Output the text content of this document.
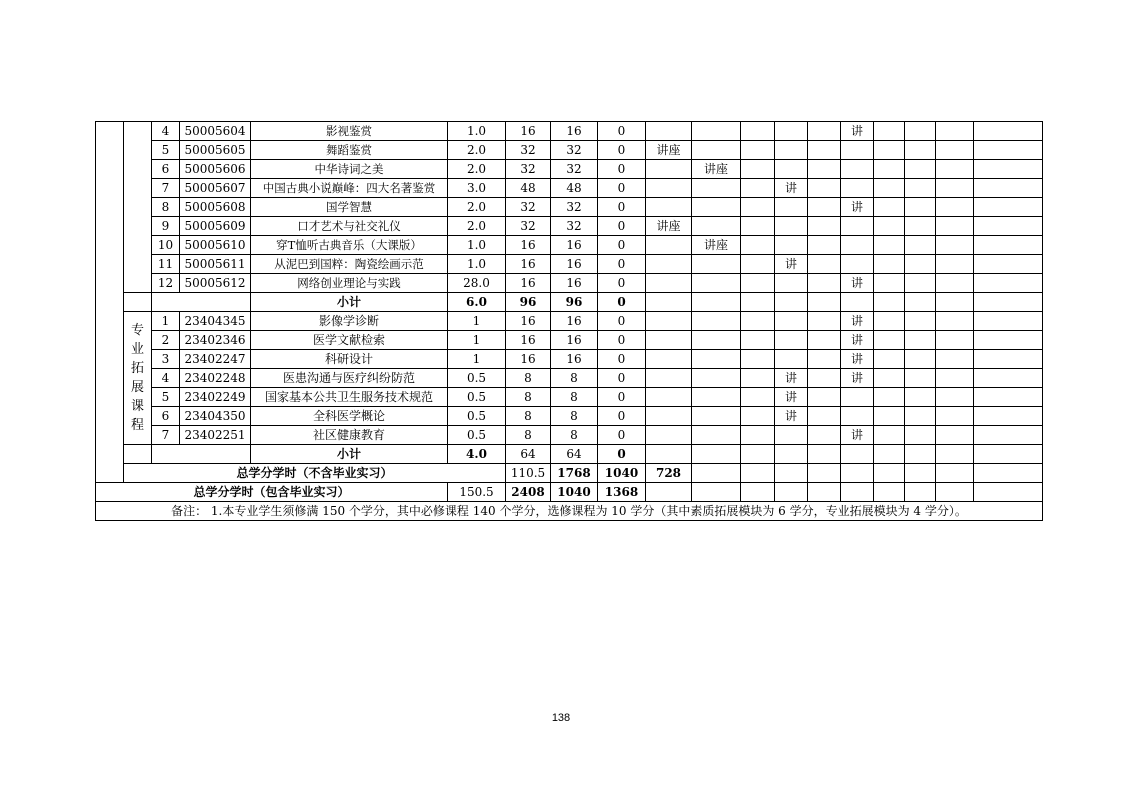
		4	50005604	影视鉴赏	1.0	16	16	0						讲					
		5	50005605	舞蹈鉴赏	2.0	32	32	0	讲座										
		6	50005606	中华诗词之美	2.0	32	32	0		讲座									
		7	50005607	中国古典小说巅峰：四大名著鉴赏	3.0	48	48	0				讲							
		8	50005608	国学智慧	2.0	32	32	0						讲					
		9	50005609	口才艺术与社交礼仪	2.0	32	32	0	讲座										
		10	50005610	穿T恤听古典音乐（大课版）	1.0	16	16	0		讲座									
		11	50005611	从泥巴到国粹：陶瓷绘画示范	1.0	16	16	0				讲							
		12	50005612	网络创业理论与实践	28.0	16	16	0						讲					
				小计	6.0	96	96	0											
	专业拓展课程	1	23404345	影像学诊断	1	16	16	0						讲					
		2	23402346	医学文献检索	1	16	16	0						讲					
		3	23402247	科研设计	1	16	16	0						讲					
		4	23402248	医患沟通与医疗纠纷防范	0.5	8	8	0				讲		讲					
		5	23402249	国家基本公共卫生服务技术规范	0.5	8	8	0				讲							
		6	23404350	全科医学概论	0.5	8	8	0				讲							
		7	23402251	社区健康教育	0.5	8	8	0						讲					
				小计	4.0	64	64	0											
	总学分学时（不含毕业实习）					110.5	1768	1040	728										
总学分学时（包含毕业实习）					150.5	2408	1040	1368											
备注： 1.本专业学生须修满 150 个学分，其中必修课程 140 个学分，选修课程为 10 学分（其中素质拓展模块为 6 学分，专业拓展模块为 4 学分）。																			
138
